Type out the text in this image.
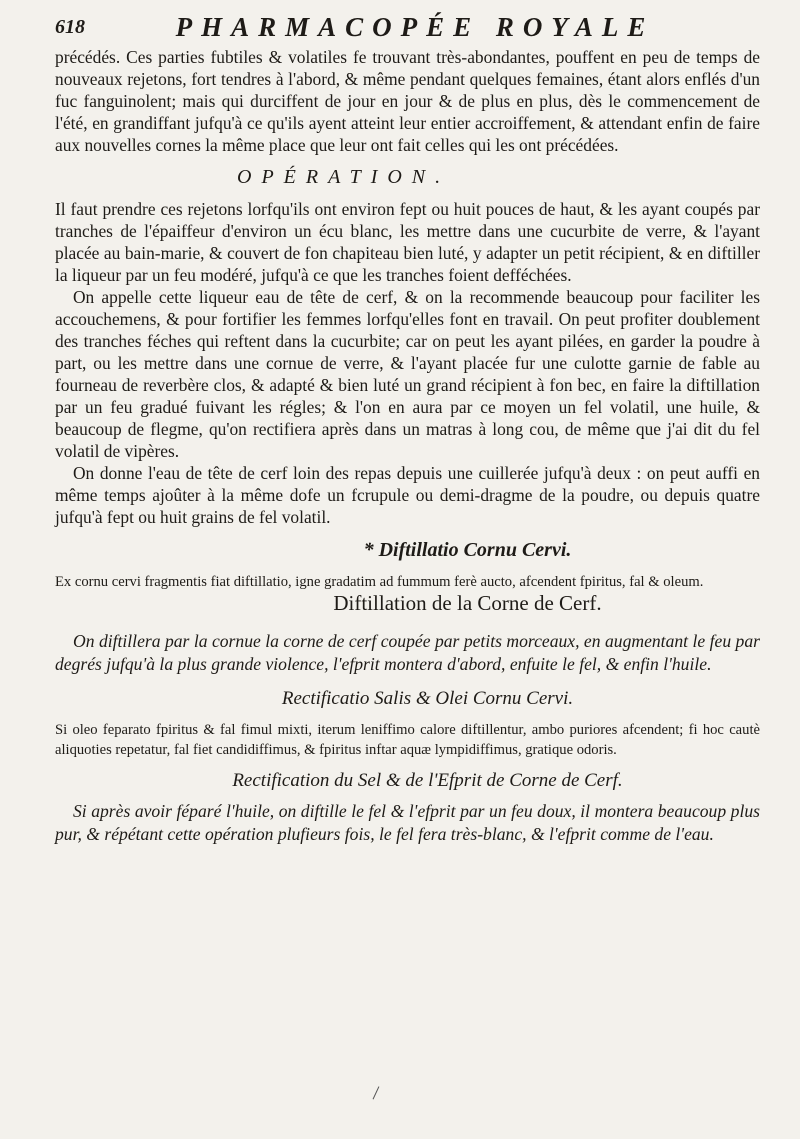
618	PHARMACOPÉE ROYALE

précédés. Ces parties fubtiles & volatiles fe trouvant très-abondantes, pouffent en peu de temps de nouveaux rejetons, fort tendres à l'abord, & même pendant quelques femaines, étant alors enflés d'un fuc fanguinolent; mais qui durciffent de jour en jour & de plus en plus, dès le commencement de l'été, en grandiffant jufqu'à ce qu'ils ayent atteint leur entier accroiffement, & attendant enfin de faire aux nouvelles cornes la même place que leur ont fait celles qui les ont précédées.

OPÉRATION.

Il faut prendre ces rejetons lorfqu'ils ont environ fept ou huit pouces de haut, & les ayant coupés par tranches de l'épaiffeur d'environ un écu blanc, les mettre dans une cucurbite de verre, & l'ayant placée au bain-marie, & couvert de fon chapiteau bien luté, y adapter un petit récipient, & en diftiller la liqueur par un feu modéré, jufqu'à ce que les tranches foient defféchées.

On appelle cette liqueur eau de tête de cerf, & on la recommende beaucoup pour faciliter les accouchemens, & pour fortifier les femmes lorfqu'elles font en travail. On peut profiter doublement des tranches féches qui reftent dans la cucurbite; car on peut les ayant pilées, en garder la poudre à part, ou les mettre dans une cornue de verre, & l'ayant placée fur une culotte garnie de fable au fourneau de reverbère clos, & adapté & bien luté un grand récipient à fon bec, en faire la diftillation par un feu gradué fuivant les régles; & l'on en aura par ce moyen un fel volatil, une huile, & beaucoup de flegme, qu'on rectifiera après dans un matras à long cou, de même que j'ai dit du fel volatil de vipères.

On donne l'eau de tête de cerf loin des repas depuis une cuillerée jufqu'à deux : on peut auffi en même temps ajoûter à la même dofe un fcrupule ou demi-dragme de la poudre, ou depuis quatre jufqu'à fept ou huit grains de fel volatil.

* Diftillatio Cornu Cervi.

Ex cornu cervi fragmentis fiat diftillatio, igne gradatim ad fummum ferè aucto, afcendent fpiritus, fal & oleum.

Diftillation de la Corne de Cerf.

On diftillera par la cornue la corne de cerf coupée par petits morceaux, en augmentant le feu par degrés jufqu'à la plus grande violence, l'efprit montera d'abord, enfuite le fel, & enfin l'huile.

Rectificatio Salis & Olei Cornu Cervi.

Si oleo feparato fpiritus & fal fimul mixti, iterum leniffimo calore diftillentur, ambo puriores afcendent; fi hoc cautè aliquoties repetatur, fal fiet candidiffimus, & fpiritus inftar aquæ lympidiffimus, gratique odoris.

Rectification du Sel & de l'Efprit de Corne de Cerf.

Si après avoir féparé l'huile, on diftille le fel & l'efprit par un feu doux, il montera beaucoup plus pur, & répétant cette opération plufieurs fois, le fel fera très-blanc, & l'efprit comme de l'eau.
